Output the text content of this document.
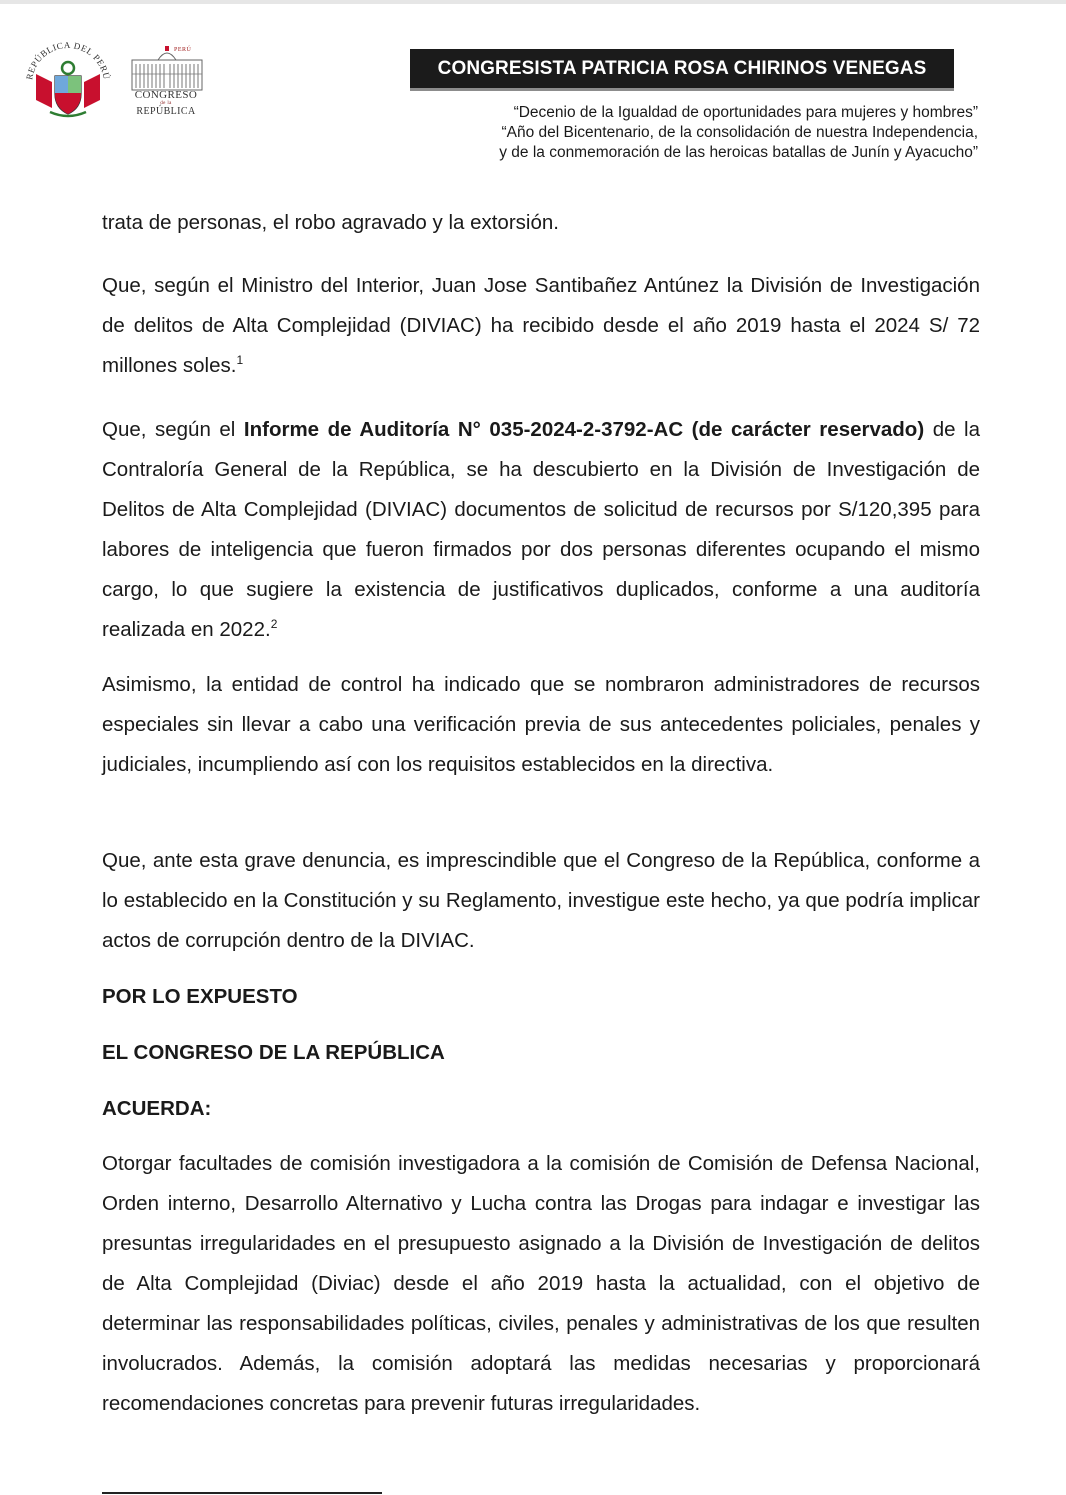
REPÚBLICA DEL PERÚ
PERÚ
CONGRESO
de la
REPÚBLICA
CONGRESISTA PATRICIA ROSA CHIRINOS VENEGAS
“Decenio de la Igualdad de oportunidades para mujeres y hombres”
“Año del Bicentenario, de la consolidación de nuestra Independencia,
y de la conmemoración de las heroicas batallas de Junín y Ayacucho”

trata de personas, el robo agravado y la extorsión.

Que, según el Ministro del Interior, Juan Jose Santibañez Antúnez la División de Investigación de delitos de Alta Complejidad (DIVIAC) ha recibido desde el año 2019 hasta el 2024 S/ 72 millones soles.$^1$

Que, según el Informe de Auditoría N° 035-2024-2-3792-AC (de carácter reservado) de la Contraloría General de la República, se ha descubierto en la División de Investigación de Delitos de Alta Complejidad (DIVIAC) documentos de solicitud de recursos por S/120,395 para labores de inteligencia que fueron firmados por dos personas diferentes ocupando el mismo cargo, lo que sugiere la existencia de justificativos duplicados, conforme a una auditoría realizada en 2022.$^2$

Asimismo, la entidad de control ha indicado que se nombraron administradores de recursos especiales sin llevar a cabo una verificación previa de sus antecedentes policiales, penales y judiciales, incumpliendo así con los requisitos establecidos en la directiva.

Que, ante esta grave denuncia, es imprescindible que el Congreso de la República, conforme a lo establecido en la Constitución y su Reglamento, investigue este hecho, ya que podría implicar actos de corrupción dentro de la DIVIAC.

POR LO EXPUESTO

EL CONGRESO DE LA REPÚBLICA

ACUERDA:

Otorgar facultades de comisión investigadora a la comisión de Comisión de Defensa Nacional, Orden interno, Desarrollo Alternativo y Lucha contra las Drogas para indagar e investigar las presuntas irregularidades en el presupuesto asignado a la División de Investigación de delitos de Alta Complejidad (Diviac) desde el año 2019 hasta la actualidad, con el objetivo de determinar las responsabilidades políticas, civiles, penales y administrativas de los que resulten involucrados. Además, la comisión adoptará las medidas necesarias y proporcionará recomendaciones concretas para prevenir futuras irregularidades.
